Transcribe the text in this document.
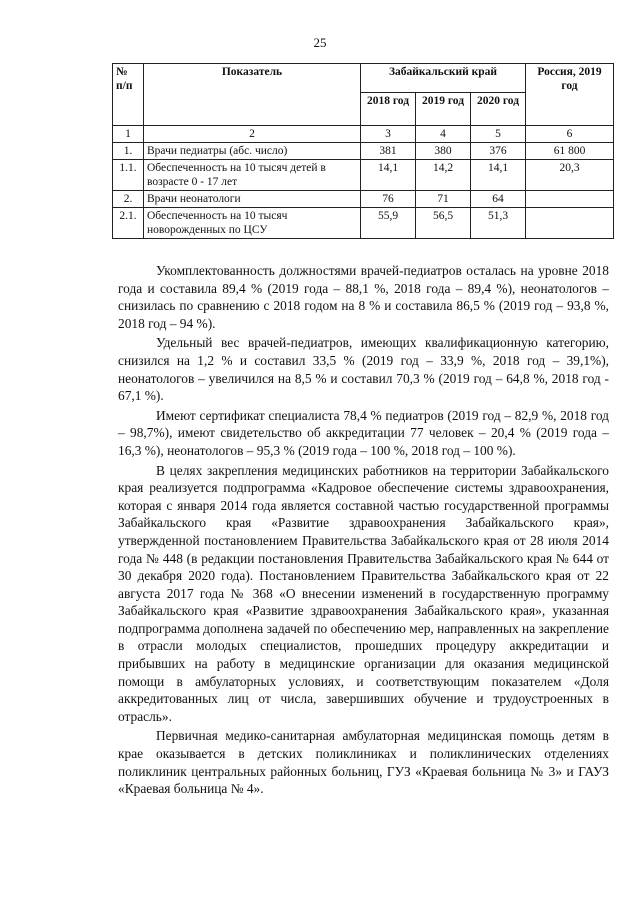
25
№ п/п	Показатель	Забайкальский край			Россия, 2019 год
		2018 год	2019 год	2020 год	
1	2	3	4	5	6
1.	Врачи педиатры (абс. число)	381	380	376	61 800
1.1.	Обеспеченность на 10 тысяч детей в возрасте 0 - 17 лет	14,1	14,2	14,1	20,3
2.	Врачи неонатологи	76	71	64	
2.1.	Обеспеченность на 10 тысяч новорожденных по ЦСУ	55,9	56,5	51,3	

Укомплектованность должностями врачей-педиатров осталась на уровне 2018 года и составила 89,4 % (2019 года – 88,1 %, 2018 года – 89,4 %), неонатологов – снизилась по сравнению с 2018 годом на 8 % и составила 86,5 % (2019 год – 93,8 %, 2018 год – 94 %).

Удельный вес врачей-педиатров, имеющих квалификационную категорию, снизился на 1,2 % и составил 33,5 % (2019 год – 33,9 %, 2018 год – 39,1%), неонатологов – увеличился на 8,5 % и составил 70,3 % (2019 год – 64,8 %, 2018 год - 67,1 %).

Имеют сертификат специалиста 78,4 % педиатров (2019 год – 82,9 %, 2018 год – 98,7%), имеют свидетельство об аккредитации 77 человек – 20,4 % (2019 года – 16,3 %), неонатологов – 95,3 % (2019 года – 100 %, 2018 год – 100 %).

В целях закрепления медицинских работников на территории Забайкальского края реализуется подпрограмма «Кадровое обеспечение системы здравоохранения, которая с января 2014 года является составной частью государственной программы Забайкальского края «Развитие здравоохранения Забайкальского края», утвержденной постановлением Правительства Забайкальского края от 28 июля 2014 года № 448 (в редакции постановления Правительства Забайкальского края № 644 от 30 декабря 2020 года). Постановлением Правительства Забайкальского края от 22 августа 2017 года № 368 «О внесении изменений в государственную программу Забайкальского края «Развитие здравоохранения Забайкальского края», указанная подпрограмма дополнена задачей по обеспечению мер, направленных на закрепление в отрасли молодых специалистов, прошедших процедуру аккредитации и прибывших на работу в медицинские организации для оказания медицинской помощи в амбулаторных условиях, и соответствующим показателем «Доля аккредитованных лиц от числа, завершивших обучение и трудоустроенных в отрасль».

Первичная медико-санитарная амбулаторная медицинская помощь детям в крае оказывается в детских поликлиниках и поликлинических отделениях поликлиник центральных районных больниц, ГУЗ «Краевая больница № 3» и ГАУЗ «Краевая больница № 4».
